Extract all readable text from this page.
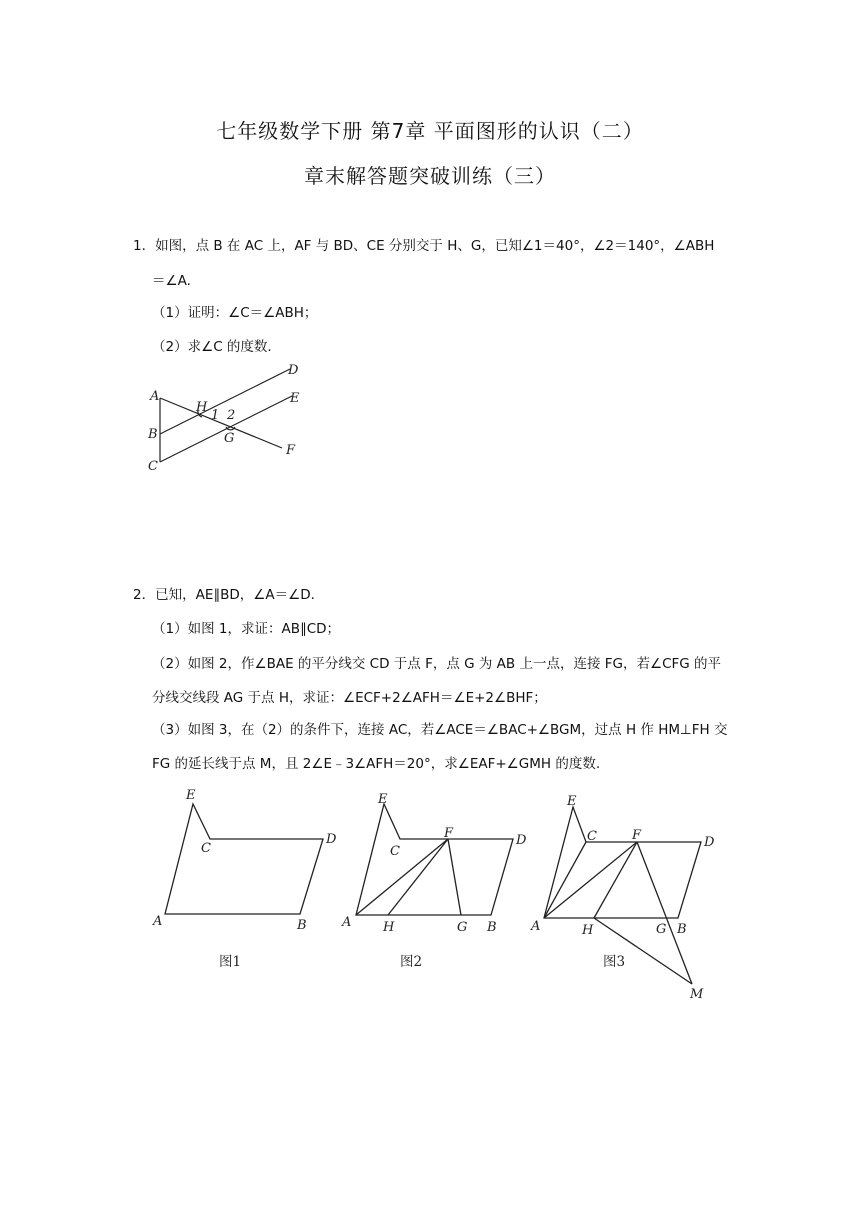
七年级数学下册 第7章 平面图形的认识（二）
章末解答题突破训练（三）
1．如图，点 B 在 AC 上，AF 与 BD、CE 分别交于 H、G，已知∠1＝40°，∠2＝140°，∠ABH
＝∠A.
（1）证明：∠C＝∠ABH；
（2）求∠C 的度数.
A
B
C
D
E
F
H
G
1 2
2．已知，AE∥BD，∠A＝∠D.
（1）如图 1，求证：AB∥CD；
（2）如图 2，作∠BAE 的平分线交 CD 于点 F，点 G 为 AB 上一点，连接 FG，若∠CFG 的平
分线交线段 AG 于点 H，求证：∠ECF+2∠AFH＝∠E+2∠BHF；
（3）如图 3，在（2）的条件下，连接 AC，若∠ACE＝∠BAC+∠BGM，过点 H 作 HM⊥FH 交
FG 的延长线于点 M，且 2∠E﹣3∠AFH＝20°，求∠EAF+∠GMH 的度数.
E
C
D
A	B
E
C
F	D
A H	G B
E
C	F	D
A	H	G B
M
图1	图2	图3
